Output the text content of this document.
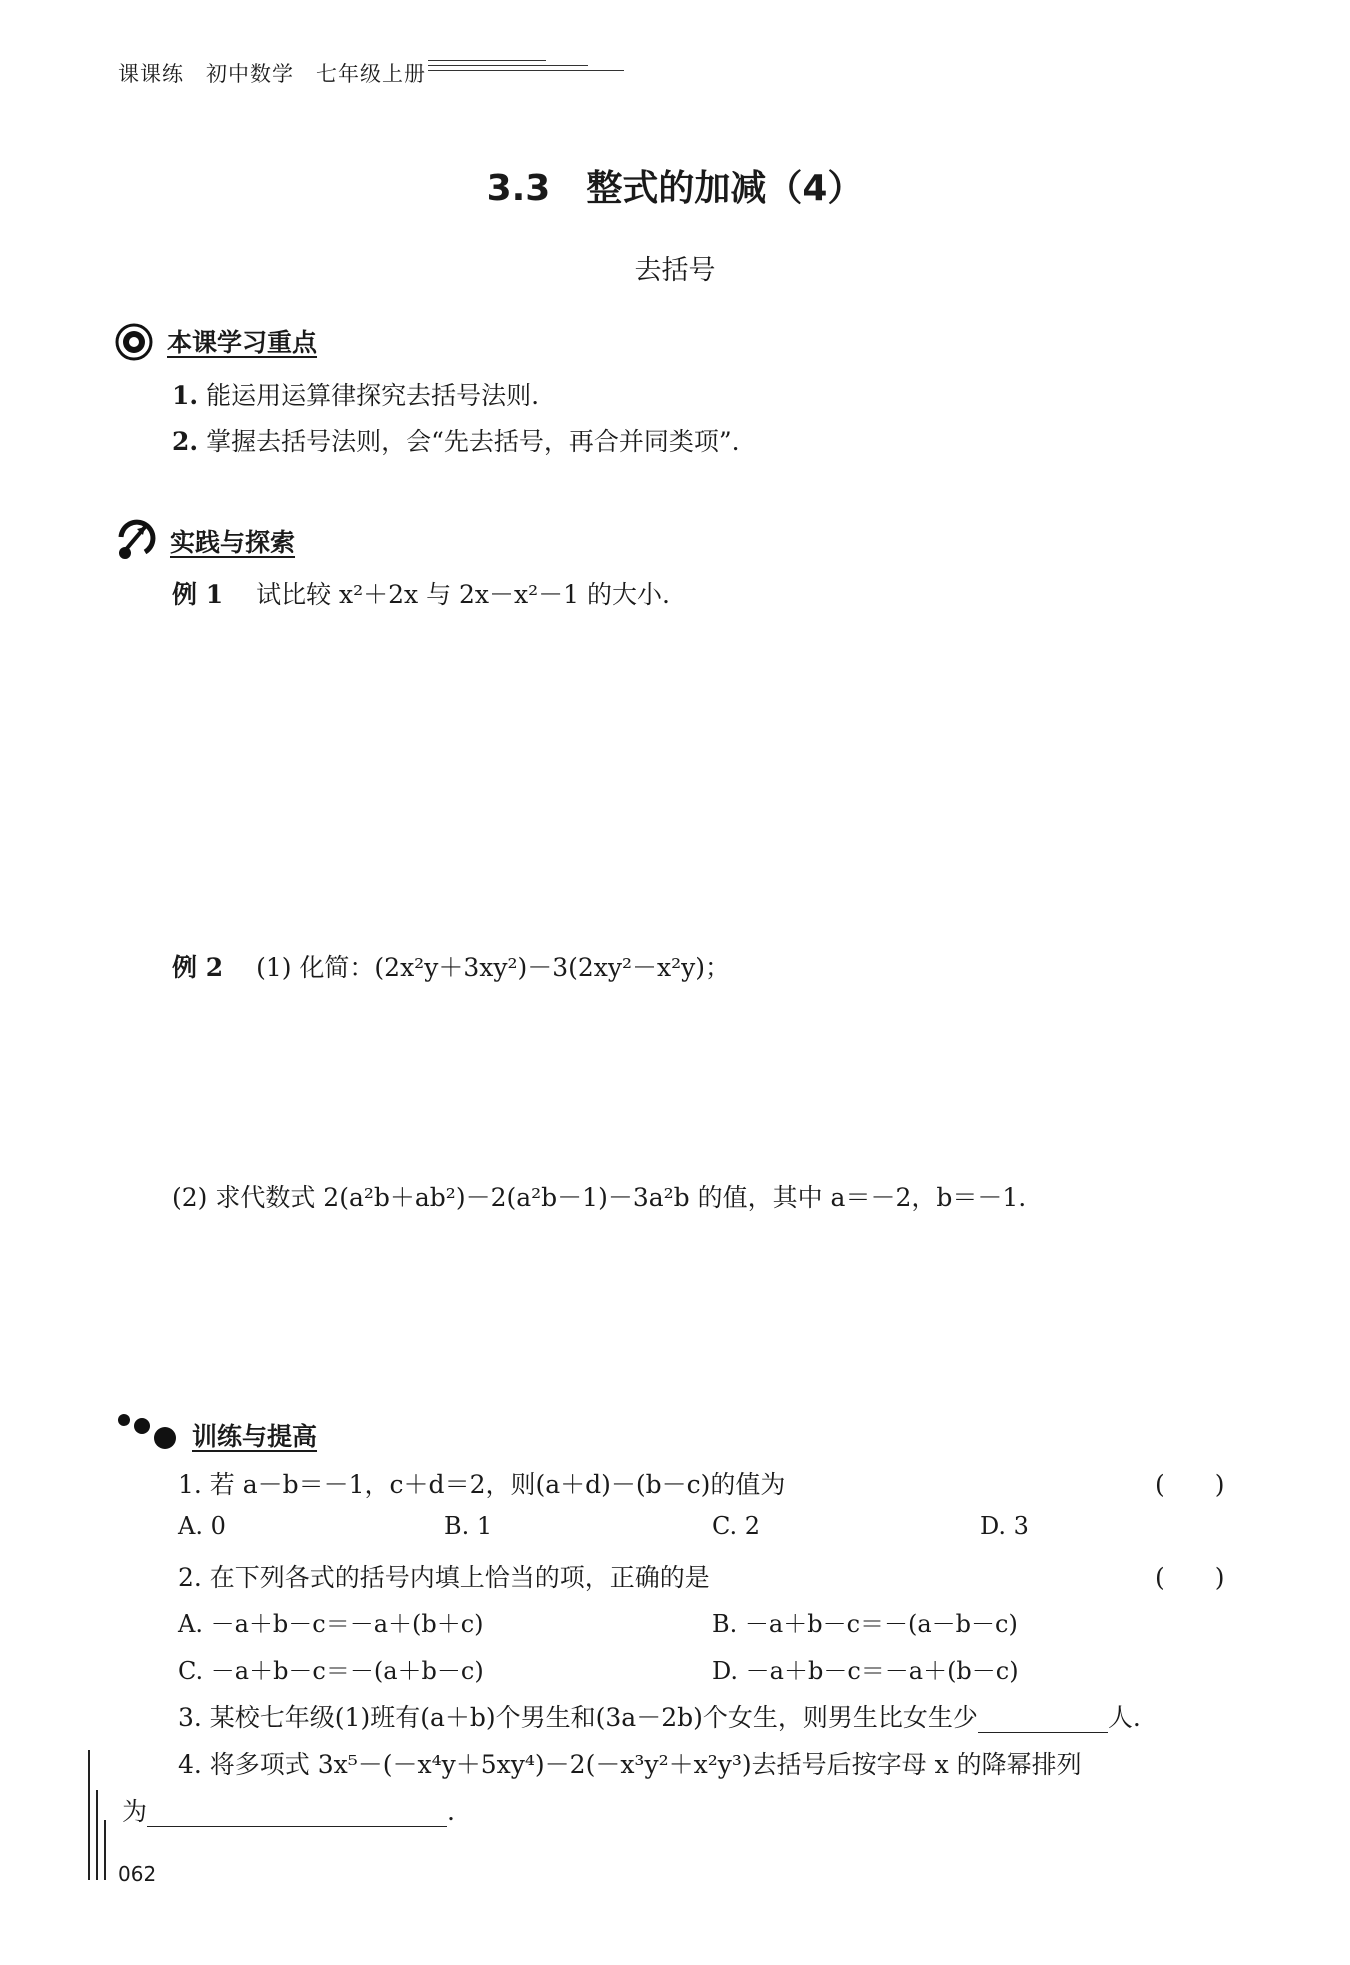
课课练　初中数学　七年级上册
3.3　整式的加减（4）
去括号
本课学习重点
1. 能运用运算律探究去括号法则.
2. 掌握去括号法则，会“先去括号，再合并同类项”.
实践与探索
例 1　 试比较 x²＋2x 与 2x－x²－1 的大小.
例 2　 (1) 化简：(2x²y＋3xy²)－3(2xy²－x²y)；
(2) 求代数式 2(a²b＋ab²)－2(a²b－1)－3a²b 的值，其中 a＝－2，b＝－1.
训练与提高
1. 若 a－b＝－1，c＋d＝2，则(a＋d)－(b－c)的值为	(　　)
A. 0	B. 1	C. 2	D. 3
2. 在下列各式的括号内填上恰当的项，正确的是	(　　)
A. －a＋b－c＝－a＋(b＋c)	B. －a＋b－c＝－(a－b－c)
C. －a＋b－c＝－(a＋b－c)	D. －a＋b－c＝－a＋(b－c)
3. 某校七年级(1)班有(a＋b)个男生和(3a－2b)个女生，则男生比女生少	人.
4. 将多项式 3x⁵－(－x⁴y＋5xy⁴)－2(－x³y²＋x²y³)去括号后按字母 x 的降幂排列
为	.
062
